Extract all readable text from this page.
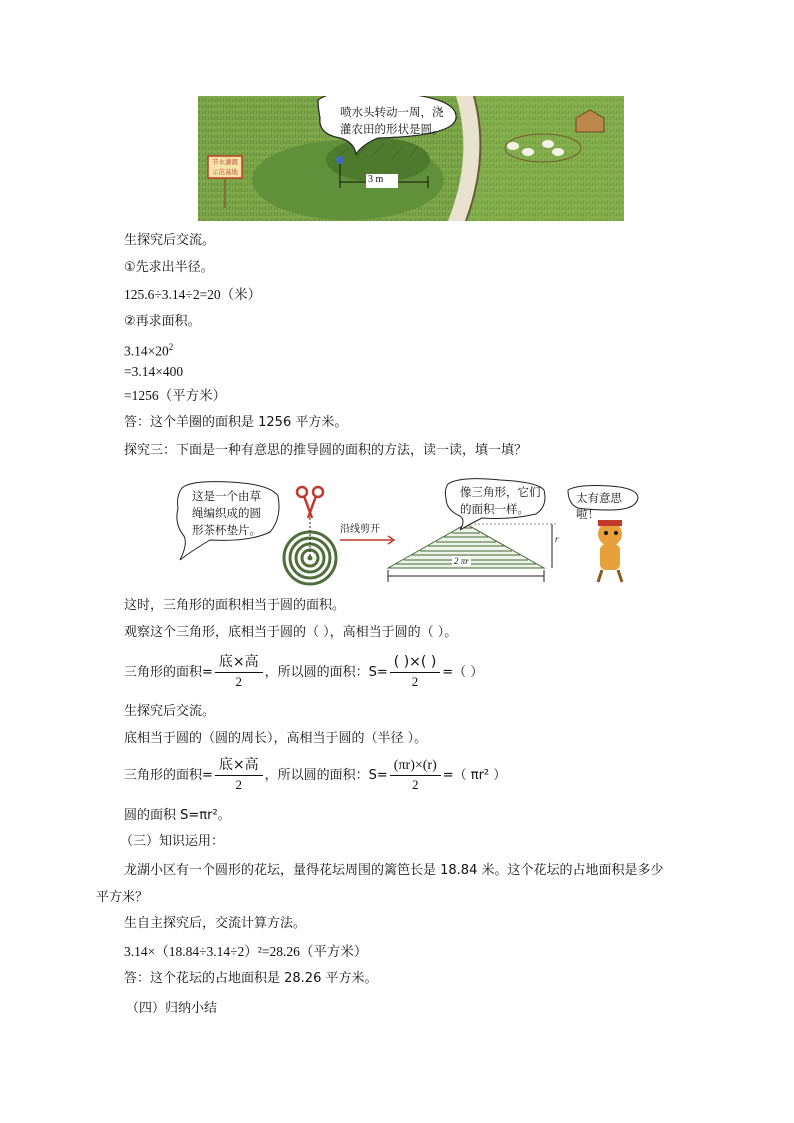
节水灌溉
示范基地
3 m
喷水头转动一周，浇
灌农田的形状是圆。
生探究后交流。
①先求出半径。
125.6÷3.14÷2=20（米）
②再求面积。
$3.14\times 20^2$
=3.14×400
=1256（平方米）
答：这个羊圈的面积是 1256 平方米。
探究三：下面是一种有意思的推导圆的面积的方法，读一读，填一填？
这是一个由草
绳编织成的圆
形茶杯垫片。	沿线剪开
像三角形，它们
的面积一样。
太有意思啦！
r
2 πr
这时，三角形的面积相当于圆的面积。
观察这个三角形，底相当于圆的（ ），高相当于圆的（ ）。
三角形的面积= $\frac{\text{底×高}}{2}$ ，所以圆的面积：$S= \frac{( )\times( )}{2}$ =（ ）
生探究后交流。
底相当于圆的（圆的周长），高相当于圆的（半径 ）。
三角形的面积= $\frac{\text{底×高}}{2}$ ，所以圆的面积：$S= \frac{(\pi r)\times(r)}{2}$ =（ πr² ）
圆的面积 S=πr²。
（三）知识运用：
龙湖小区有一个圆形的花坛，量得花坛周围的篱笆长是 18.84 米。这个花坛的占地面积是多少
平方米？
生自主探究后，交流计算方法。
3.14×（18.84÷3.14÷2）²=28.26（平方米）
答：这个花坛的占地面积是 28.26 平方米。
（四）归纳小结
